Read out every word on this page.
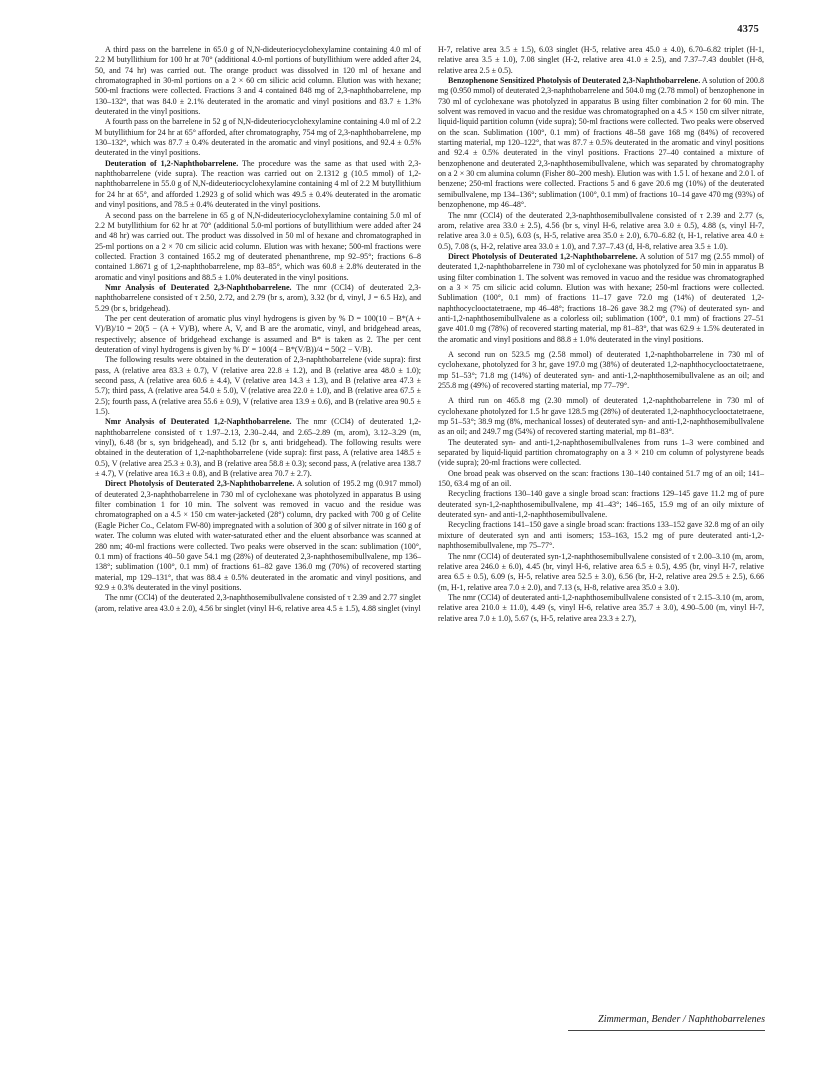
4375

A third pass on the barrelene in 65.0 g of N,N-dideuteriocyclohexylamine containing 4.0 ml of 2.2 M butyllithium for 100 hr at 70° (additional 4.0-ml portions of butyllithium were added after 24, 50, and 74 hr) was carried out. The orange product was dissolved in 120 ml of hexane and chromatographed in 30-ml portions on a 2 × 60 cm silicic acid column. Elution was with hexane; 500-ml fractions were collected. Fractions 3 and 4 contained 848 mg of 2,3-naphthobarrelene, mp 130–132°, that was 84.0 ± 2.1% deuterated in the aromatic and vinyl positions and 83.7 ± 1.3% deuterated in the vinyl positions.

A fourth pass on the barrelene in 52 g of N,N-dideuteriocyclohexylamine containing 4.0 ml of 2.2 M butyllithium for 24 hr at 65° afforded, after chromatography, 754 mg of 2,3-naphthobarrelene, mp 130–132°, which was 87.7 ± 0.4% deuterated in the aromatic and vinyl positions, and 92.4 ± 0.5% deuterated in the vinyl positions.

Deuteration of 1,2-Naphthobarrelene. The procedure was the same as that used with 2,3-naphthobarrelene (vide supra). The reaction was carried out on 2.1312 g (10.5 mmol) of 1,2-naphthobarrelene in 55.0 g of N,N-dideuteriocyclohexylamine containing 4 ml of 2.2 M butyllithium for 24 hr at 65°, and afforded 1.2923 g of solid which was 49.5 ± 0.4% deuterated in the aromatic and vinyl positions, and 78.5 ± 0.4% deuterated in the vinyl positions.

A second pass on the barrelene in 65 g of N,N-dideuteriocyclohexylamine containing 5.0 ml of 2.2 M butyllithium for 62 hr at 70° (additional 5.0-ml portions of butyllithium were added after 24 and 48 hr) was carried out. The product was dissolved in 50 ml of hexane and chromatographed in 25-ml portions on a 2 × 70 cm silicic acid column. Elution was with hexane; 500-ml fractions were collected. Fraction 3 contained 165.2 mg of deuterated phenanthrene, mp 92–95°; fractions 6–8 contained 1.8671 g of 1,2-naphthobarrelene, mp 83–85°, which was 60.8 ± 2.8% deuterated in the aromatic and vinyl positions and 88.5 ± 1.0% deuterated in the vinyl positions.

Nmr Analysis of Deuterated 2,3-Naphthobarrelene. The nmr (CCl4) of deuterated 2,3-naphthobarrelene consisted of τ 2.50, 2.72, and 2.79 (br s, arom), 3.32 (br d, vinyl, J = 6.5 Hz), and 5.29 (br s, bridgehead).

The per cent deuteration of aromatic plus vinyl hydrogens is given by % D = 100(10 − B*(A + V)/B)/10 = 20(5 − (A + V)/B), where A, V, and B are the aromatic, vinyl, and bridgehead areas, respectively; absence of bridgehead exchange is assumed and B* is taken as 2. The per cent deuteration of vinyl hydrogens is given by % D′ = 100(4 − B*(V/B))/4 = 50(2 − V/B).

The following results were obtained in the deuteration of 2,3-naphthobarrelene (vide supra): first pass, A (relative area 83.3 ± 0.7), V (relative area 22.8 ± 1.2), and B (relative area 48.0 ± 1.0); second pass, A (relative area 60.6 ± 4.4), V (relative area 14.3 ± 1.3), and B (relative area 47.3 ± 5.7); third pass, A (relative area 54.0 ± 5.0), V (relative area 22.0 ± 1.0), and B (relative area 67.5 ± 2.5); fourth pass, A (relative area 55.6 ± 0.9), V (relative area 13.9 ± 0.6), and B (relative area 90.5 ± 1.5).

Nmr Analysis of Deuterated 1,2-Naphthobarrelene. The nmr (CCl4) of deuterated 1,2-naphthobarrelene consisted of τ 1.97–2.13, 2.30–2.44, and 2.65–2.89 (m, arom), 3.12–3.29 (m, vinyl), 6.48 (br s, syn bridgehead), and 5.12 (br s, anti bridgehead). The following results were obtained in the deuteration of 1,2-naphthobarrelene (vide supra): first pass, A (relative area 148.5 ± 0.5), V (relative area 25.3 ± 0.3), and B (relative area 58.8 ± 0.3); second pass, A (relative area 138.7 ± 4.7), V (relative area 16.3 ± 0.8), and B (relative area 70.7 ± 2.7).

Direct Photolysis of Deuterated 2,3-Naphthobarrelene. A solution of 195.2 mg (0.917 mmol) of deuterated 2,3-naphthobarrelene in 730 ml of cyclohexane was photolyzed in apparatus B using filter combination 1 for 10 min. The solvent was removed in vacuo and the residue was chromatographed on a 4.5 × 150 cm water-jacketed (28°) column, dry packed with 700 g of Celite (Eagle Picher Co., Celatom FW-80) impregnated with a solution of 300 g of silver nitrate in 160 g of water. The column was eluted with water-saturated ether and the eluent absorbance was scanned at 280 nm; 40-ml fractions were collected. Two peaks were observed in the scan: sublimation (100°, 0.1 mm) of fractions 40–50 gave 54.1 mg (28%) of deuterated 2,3-naphthosemibullvalene, mp 136–138°; sublimation (100°, 0.1 mm) of fractions 61–82 gave 136.0 mg (70%) of recovered starting material, mp 129–131°, that was 88.4 ± 0.5% deuterated in the aromatic and vinyl positions, and 92.9 ± 0.3% deuterated in the vinyl positions.

The nmr (CCl4) of the deuterated 2,3-naphthosemibullvalene consisted of τ 2.39 and 2.77 singlet (arom, relative area 43.0 ± 2.0), 4.56 br singlet (vinyl H-6, relative area 4.5 ± 1.5), 4.88 singlet (vinyl

H-7, relative area 3.5 ± 1.5), 6.03 singlet (H-5, relative area 45.0 ± 4.0), 6.70–6.82 triplet (H-1, relative area 3.5 ± 1.0), 7.08 singlet (H-2, relative area 41.0 ± 2.5), and 7.37–7.43 doublet (H-8, relative area 2.5 ± 0.5).

Benzophenone Sensitized Photolysis of Deuterated 2,3-Naphthobarrelene. A solution of 200.8 mg (0.950 mmol) of deuterated 2,3-naphthobarrelene and 504.0 mg (2.78 mmol) of benzophenone in 730 ml of cyclohexane was photolyzed in apparatus B using filter combination 2 for 60 min. The solvent was removed in vacuo and the residue was chromatographed on a 4.5 × 150 cm silver nitrate, liquid-liquid partition column (vide supra); 50-ml fractions were collected. Two peaks were observed on the scan. Sublimation (100°, 0.1 mm) of fractions 48–58 gave 168 mg (84%) of recovered starting material, mp 120–122°, that was 87.7 ± 0.5% deuterated in the aromatic and vinyl positions and 92.4 ± 0.5% deuterated in the vinyl positions. Fractions 27–40 contained a mixture of benzophenone and deuterated 2,3-naphthosemibullvalene, which was separated by chromatography on a 2 × 30 cm alumina column (Fisher 80–200 mesh). Elution was with 1.5 l. of hexane and 2.0 l. of benzene; 250-ml fractions were collected. Fractions 5 and 6 gave 20.6 mg (10%) of the deuterated semibullvalene, mp 134–136°; sublimation (100°, 0.1 mm) of fractions 10–14 gave 470 mg (93%) of benzophenone, mp 46–48°.

The nmr (CCl4) of the deuterated 2,3-naphthosemibullvalene consisted of τ 2.39 and 2.77 (s, arom, relative area 33.0 ± 2.5), 4.56 (br s, vinyl H-6, relative area 3.0 ± 0.5), 4.88 (s, vinyl H-7, relative area 3.0 ± 0.5), 6.03 (s, H-5, relative area 35.0 ± 2.0), 6.70–6.82 (t, H-1, relative area 4.0 ± 0.5), 7.08 (s, H-2, relative area 33.0 ± 1.0), and 7.37–7.43 (d, H-8, relative area 3.5 ± 1.0).

Direct Photolysis of Deuterated 1,2-Naphthobarrelene. A solution of 517 mg (2.55 mmol) of deuterated 1,2-naphthobarrelene in 730 ml of cyclohexane was photolyzed for 50 min in apparatus B using filter combination 1. The solvent was removed in vacuo and the residue was chromatographed on a 3 × 75 cm silicic acid column. Elution was with hexane; 250-ml fractions were collected. Sublimation (100°, 0.1 mm) of fractions 11–17 gave 72.0 mg (14%) of deuterated 1,2-naphthocyclooctatetraene, mp 46–48°; fractions 18–26 gave 38.2 mg (7%) of deuterated syn- and anti-1,2-naphthosemibullvalene as a colorless oil; sublimation (100°, 0.1 mm) of fractions 27–51 gave 401.0 mg (78%) of recovered starting material, mp 81–83°, that was 62.9 ± 1.5% deuterated in the aromatic and vinyl positions and 88.8 ± 1.0% deuterated in the vinyl positions.

A second run on 523.5 mg (2.58 mmol) of deuterated 1,2-naphthobarrelene in 730 ml of cyclohexane, photolyzed for 3 hr, gave 197.0 mg (38%) of deuterated 1,2-naphthocyclooctatetraene, mp 51–53°; 71.8 mg (14%) of deuterated syn- and anti-1,2-naphthosemibullvalene as an oil; and 255.8 mg (49%) of recovered starting material, mp 77–79°.

A third run on 465.8 mg (2.30 mmol) of deuterated 1,2-naphthobarrelene in 730 ml of cyclohexane photolyzed for 1.5 hr gave 128.5 mg (28%) of deuterated 1,2-naphthocyclooctatetraene, mp 51–53°; 38.9 mg (8%, mechanical losses) of deuterated syn- and anti-1,2-naphthosemibullvalene as an oil; and 249.7 mg (54%) of recovered starting material, mp 81–83°.

The deuterated syn- and anti-1,2-naphthosemibullvalenes from runs 1–3 were combined and separated by liquid-liquid partition chromatography on a 3 × 210 cm column of polystyrene beads (vide supra); 20-ml fractions were collected.

One broad peak was observed on the scan: fractions 130–140 contained 51.7 mg of an oil; 141–150, 63.4 mg of an oil.

Recycling fractions 130–140 gave a single broad scan: fractions 129–145 gave 11.2 mg of pure deuterated syn-1,2-naphthosemibullvalene, mp 41–43°; 146–165, 15.9 mg of an oily mixture of deuterated syn- and anti-1,2-naphthosemibullvalene.

Recycling fractions 141–150 gave a single broad scan: fractions 133–152 gave 32.8 mg of an oily mixture of deuterated syn and anti isomers; 153–163, 15.2 mg of pure deuterated anti-1,2-naphthosemibullvalene, mp 75–77°.

The nmr (CCl4) of deuterated syn-1,2-naphthosemibullvalene consisted of τ 2.00–3.10 (m, arom, relative area 246.0 ± 6.0), 4.45 (br, vinyl H-6, relative area 6.5 ± 0.5), 4.95 (br, vinyl H-7, relative area 6.5 ± 0.5), 6.09 (s, H-5, relative area 52.5 ± 3.0), 6.56 (br, H-2, relative area 29.5 ± 2.5), 6.66 (m, H-1, relative area 7.0 ± 2.0), and 7.13 (s, H-8, relative area 35.0 ± 3.0).

The nmr (CCl4) of deuterated anti-1,2-naphthosemibullvalene consisted of τ 2.15–3.10 (m, arom, relative area 210.0 ± 11.0), 4.49 (s, vinyl H-6, relative area 35.7 ± 3.0), 4.90–5.00 (m, vinyl H-7, relative area 7.0 ± 1.0), 5.67 (s, H-5, relative area 23.3 ± 2.7),

Zimmerman, Bender / Naphthobarrelenes
